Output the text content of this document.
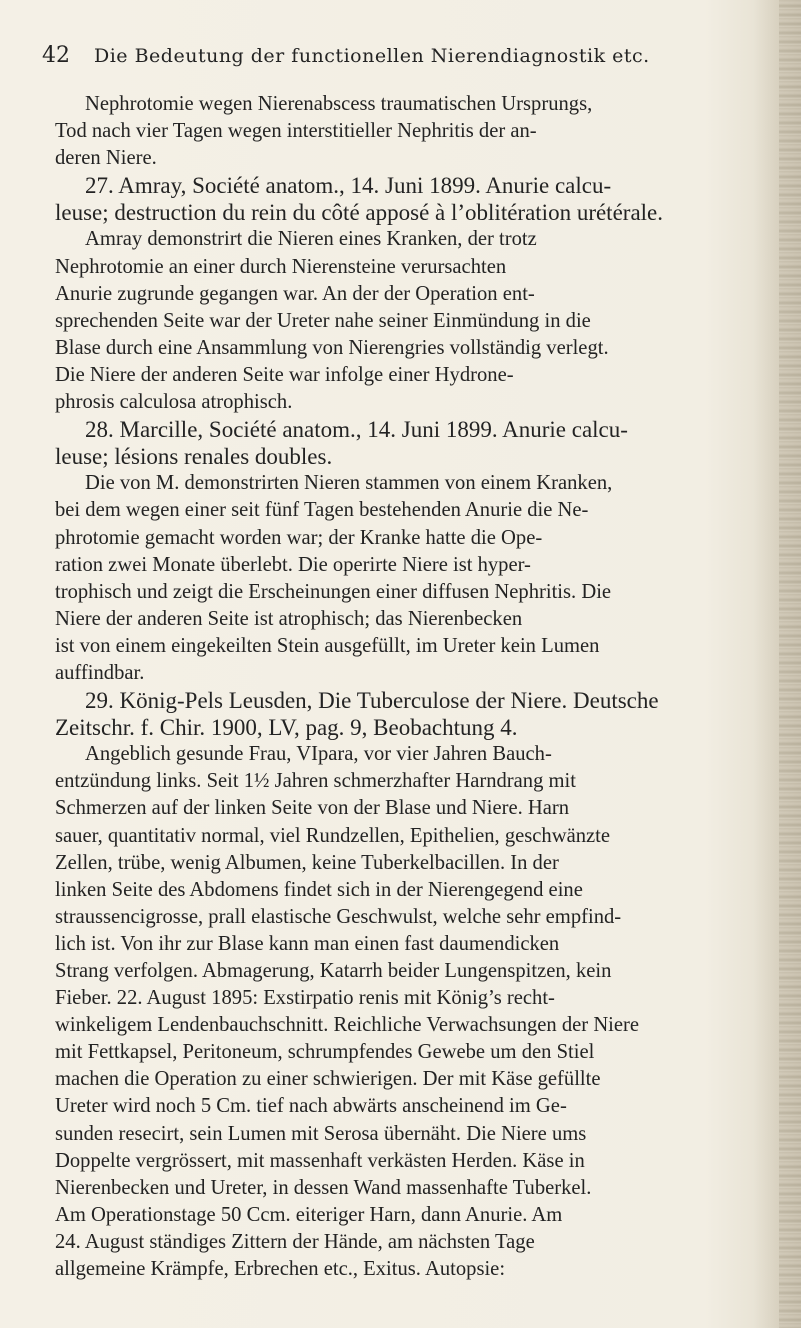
42 Die Bedeutung der functionellen Nierendiagnostik etc.
Nephrotomie wegen Nierenabscess traumatischen Ursprungs,
Tod nach vier Tagen wegen interstitieller Nephritis der an-
deren Niere.
27. Amray, Société anatom., 14. Juni 1899. Anurie calcu-
leuse; destruction du rein du côté apposé à l’oblitération urétérale.
Amray demonstrirt die Nieren eines Kranken, der trotz
Nephrotomie an einer durch Nierensteine verursachten
Anurie zugrunde gegangen war. An der der Operation ent-
sprechenden Seite war der Ureter nahe seiner Einmündung in die
Blase durch eine Ansammlung von Nierengries vollständig verlegt.
Die Niere der anderen Seite war infolge einer Hydrone-
phrosis calculosa atrophisch.
28. Marcille, Société anatom., 14. Juni 1899. Anurie calcu-
leuse; lésions renales doubles.
Die von M. demonstrirten Nieren stammen von einem Kranken,
bei dem wegen einer seit fünf Tagen bestehenden Anurie die Ne-
phrotomie gemacht worden war; der Kranke hatte die Ope-
ration zwei Monate überlebt. Die operirte Niere ist hyper-
trophisch und zeigt die Erscheinungen einer diffusen Nephritis. Die
Niere der anderen Seite ist atrophisch; das Nierenbecken
ist von einem eingekeilten Stein ausgefüllt, im Ureter kein Lumen
auffindbar.
29. König-Pels Leusden, Die Tuberculose der Niere. Deutsche
Zeitschr. f. Chir. 1900, LV, pag. 9, Beobachtung 4.
Angeblich gesunde Frau, VIpara, vor vier Jahren Bauch-
entzündung links. Seit 1½ Jahren schmerzhafter Harndrang mit
Schmerzen auf der linken Seite von der Blase und Niere. Harn
sauer, quantitativ normal, viel Rundzellen, Epithelien, geschwänzte
Zellen, trübe, wenig Albumen, keine Tuberkelbacillen. In der
linken Seite des Abdomens findet sich in der Nierengegend eine
straussencigrosse, prall elastische Geschwulst, welche sehr empfind-
lich ist. Von ihr zur Blase kann man einen fast daumendicken
Strang verfolgen. Abmagerung, Katarrh beider Lungenspitzen, kein
Fieber. 22. August 1895: Exstirpatio renis mit König’s recht-
winkeligem Lendenbauchschnitt. Reichliche Verwachsungen der Niere
mit Fettkapsel, Peritoneum, schrumpfendes Gewebe um den Stiel
machen die Operation zu einer schwierigen. Der mit Käse gefüllte
Ureter wird noch 5 Cm. tief nach abwärts anscheinend im Ge-
sunden resecirt, sein Lumen mit Serosa übernäht. Die Niere ums
Doppelte vergrössert, mit massenhaft verkästen Herden. Käse in
Nierenbecken und Ureter, in dessen Wand massenhafte Tuberkel.
Am Operationstage 50 Ccm. eiteriger Harn, dann Anurie. Am
24. August ständiges Zittern der Hände, am nächsten Tage
allgemeine Krämpfe, Erbrechen etc., Exitus. Autopsie:
